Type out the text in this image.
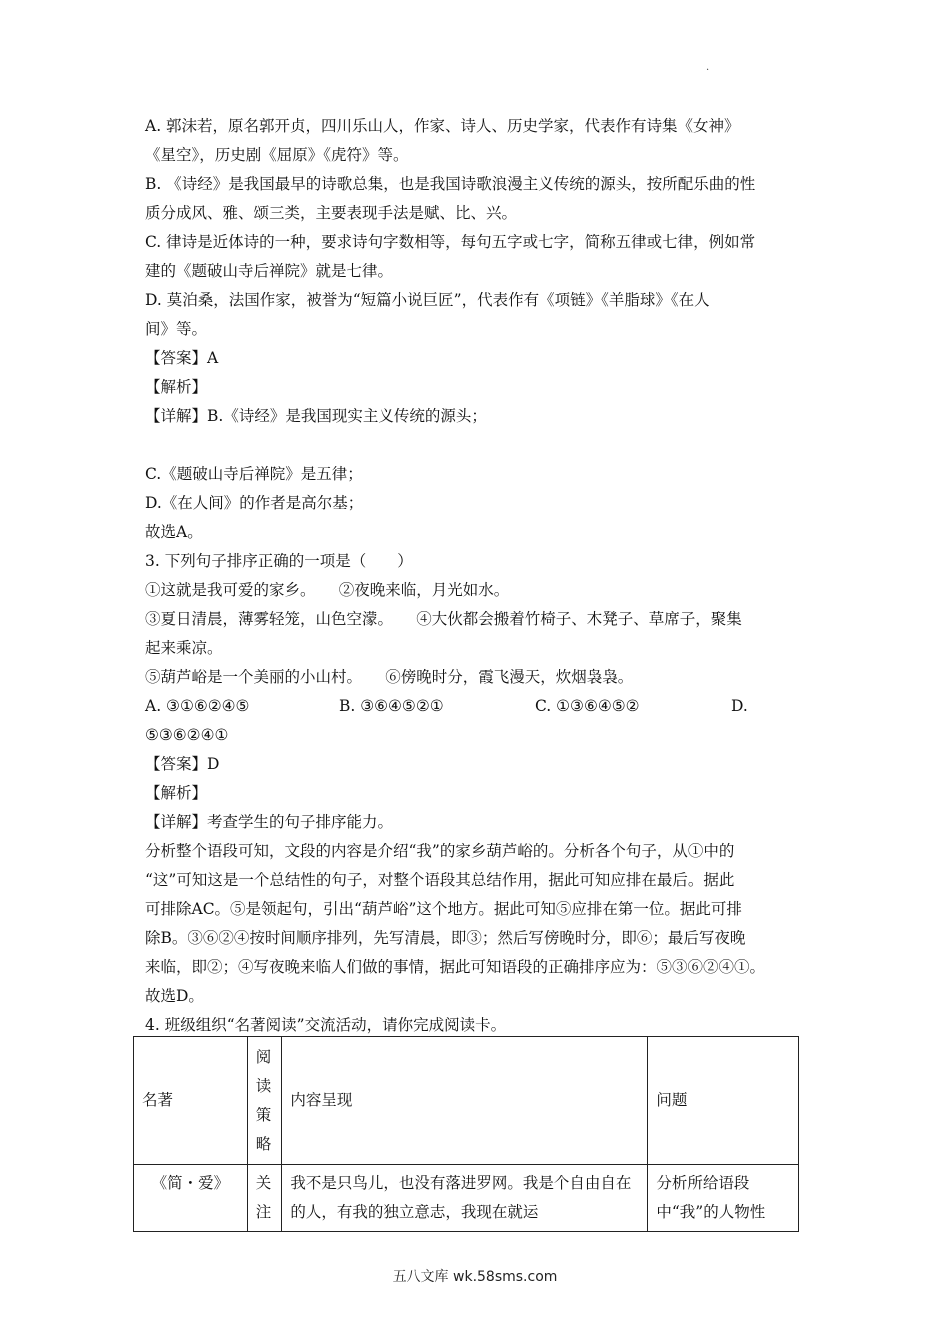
.
A. 郭沫若，原名郭开贞，四川乐山人，作家、诗人、历史学家，代表作有诗集《女神》
《星空》，历史剧《屈原》《虎符》等。
B. 《诗经》是我国最早的诗歌总集，也是我国诗歌浪漫主义传统的源头，按所配乐曲的性
质分成风、雅、颂三类，主要表现手法是赋、比、兴。
C. 律诗是近体诗的一种，要求诗句字数相等，每句五字或七字，简称五律或七律，例如常
建的《题破山寺后禅院》就是七律。
D. 莫泊桑，法国作家，被誉为“短篇小说巨匠”，代表作有《项链》《羊脂球》《在人
间》等。
【答案】A
【解析】
【详解】B.《诗经》是我国现实主义传统的源头；
C.《题破山寺后禅院》是五律；
D.《在人间》的作者是高尔基；
故选A。
3. 下列句子排序正确的一项是（　　）
①这就是我可爱的家乡。　　②夜晚来临，月光如水。
③夏日清晨，薄雾轻笼，山色空濛。　　④大伙都会搬着竹椅子、木凳子、草席子，聚集
起来乘凉。
⑤葫芦峪是一个美丽的小山村。　　⑥傍晚时分，霞飞漫天，炊烟袅袅。
A. ③①⑥②④⑤	B. ③⑥④⑤②①	C. ①③⑥④⑤②	D.
⑤③⑥②④①
【答案】D
【解析】
【详解】考查学生的句子排序能力。
分析整个语段可知，文段的内容是介绍“我”的家乡葫芦峪的。分析各个句子，从①中的
“这”可知这是一个总结性的句子，对整个语段其总结作用，据此可知应排在最后。据此
可排除AC。⑤是领起句，引出“葫芦峪”这个地方。据此可知⑤应排在第一位。据此可排
除B。③⑥②④按时间顺序排列，先写清晨，即③；然后写傍晚时分，即⑥；最后写夜晚
来临，即②；④写夜晚来临人们做的事情，据此可知语段的正确排序应为：⑤③⑥②④①。
故选D。
4. 班级组织“名著阅读”交流活动，请你完成阅读卡。
名著	阅读策略	内容呈现	问题
《简・爱》	关注	我不是只鸟儿，也没有落进罗网。我是个自由自在的人，有我的独立意志，我现在就运	分析所给语段中“我”的人物性
五八文库 wk.58sms.com
